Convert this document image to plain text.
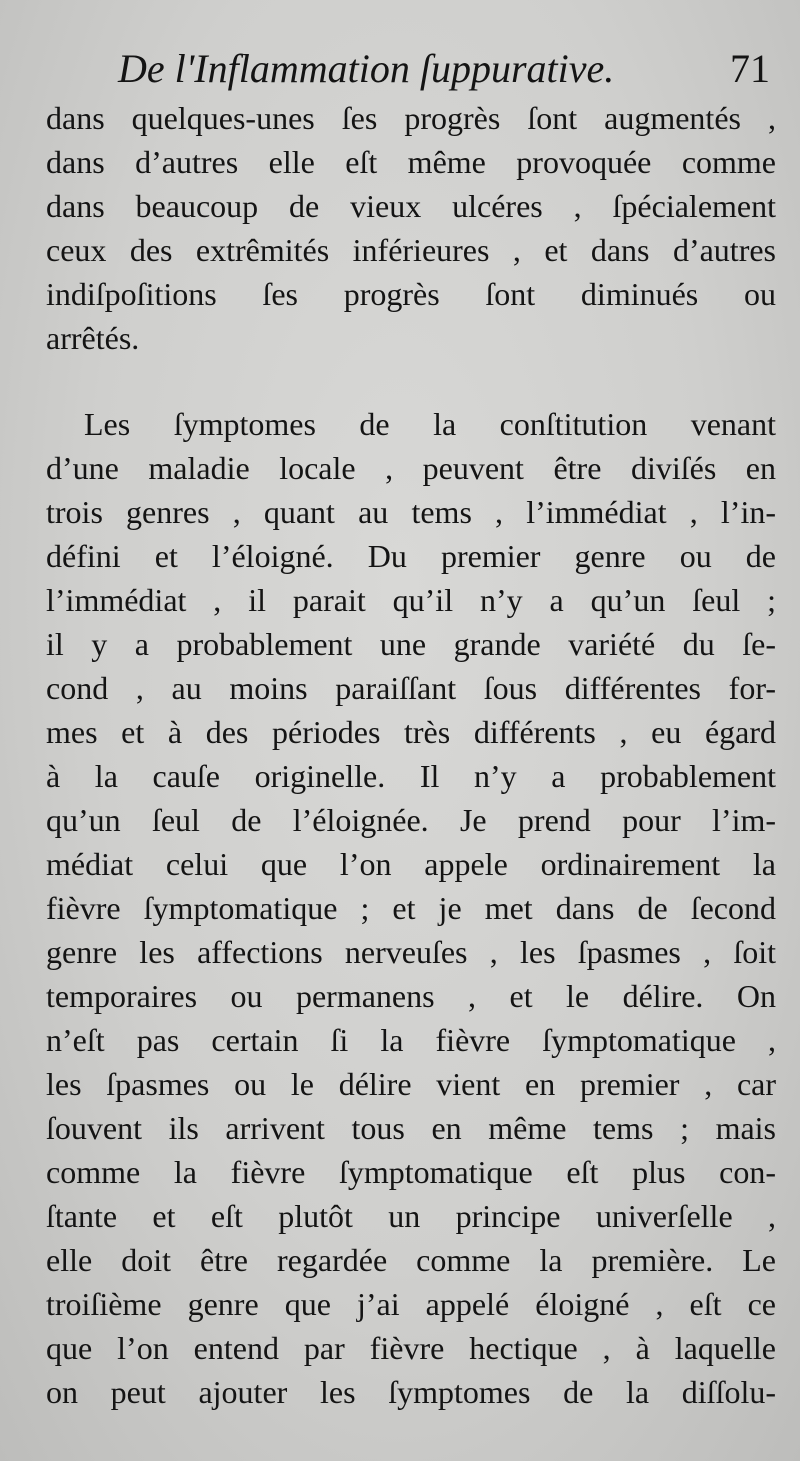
De l'Inflammation ſuppurative.	71
dans quelques-unes ſes progrès ſont augmentés ,
dans d’autres elle eſt même provoquée comme
dans beaucoup de vieux ulcéres , ſpécialement
ceux des extrêmités inférieures , et dans d’autres
indiſpoſitions ſes progrès ſont diminués ou
arrêtés.
Les ſymptomes de la conſtitution venant
d’une maladie locale , peuvent être diviſés en
trois genres , quant au tems , l’immédiat , l’in-
défini et l’éloigné. Du premier genre ou de
l’immédiat , il parait qu’il n’y a qu’un ſeul ;
il y a probablement une grande variété du ſe-
cond , au moins paraiſſant ſous différentes for-
mes et à des périodes très différents , eu égard
à la cauſe originelle. Il n’y a probablement
qu’un ſeul de l’éloignée. Je prend pour l’im-
médiat celui que l’on appele ordinairement la
fièvre ſymptomatique ; et je met dans de ſecond
genre les affections nerveuſes , les ſpasmes , ſoit
temporaires ou permanens , et le délire. On
n’eſt pas certain ſi la fièvre ſymptomatique ,
les ſpasmes ou le délire vient en premier , car
ſouvent ils arrivent tous en même tems ; mais
comme la fièvre ſymptomatique eſt plus con-
ſtante et eſt plutôt un principe univerſelle ,
elle doit être regardée comme la première. Le
troiſième genre que j’ai appelé éloigné , eſt ce
que l’on entend par fièvre hectique , à laquelle
on peut ajouter les ſymptomes de la diſſolu-
